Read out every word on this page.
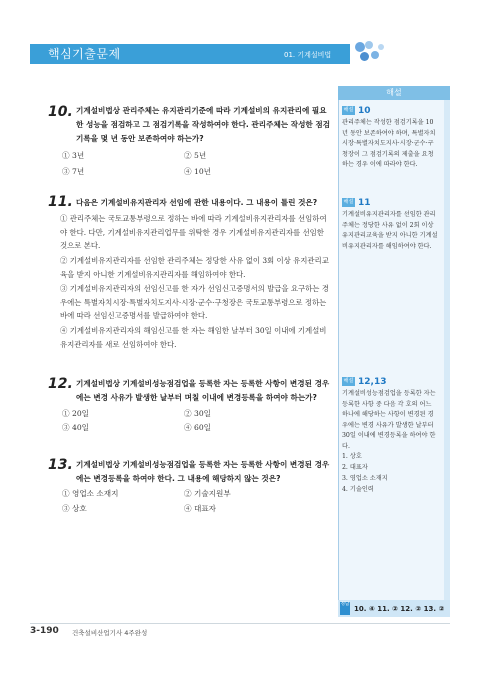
핵심기출문제	01. 기계설비법
10. 기계설비법상 관리주체는 유지관리기준에 따라 기계설비의 유지관리에 필요한 성능을 점검하고 그 점검기록을 작성하여야 한다. 관리주체는 작성한 점검기록을 몇 년 동안 보존하여야 하는가?
① 3년	② 5년
③ 7년	④ 10년
11. 다음은 기계설비유지관리자 선임에 관한 내용이다. 그 내용이 틀린 것은?
① 관리주체는 국토교통부령으로 정하는 바에 따라 기계설비유지관리자를 선임하여야 한다. 다만, 기계설비유지관리업무를 위탁한 경우 기계설비유지관리자를 선임한 것으로 본다.
② 기계설비유지관리자를 선임한 관리주체는 정당한 사유 없이 3회 이상 유지관리교육을 받지 아니한 기계설비유지관리자를 해임하여야 한다.
③ 기계설비유지관리자의 선임신고를 한 자가 선임신고증명서의 발급을 요구하는 경우에는 특별자치시장·특별자치도지사·시장·군수·구청장은 국토교통부령으로 정하는 바에 따라 선임신고증명서를 발급하여야 한다.
④ 기계설비유지관리자의 해임신고를 한 자는 해임한 날부터 30일 이내에 기계설비유지관리자를 새로 선임하여야 한다.
12. 기계설비법상 기계설비성능점검업을 등록한 자는 등록한 사항이 변경된 경우에는 변경 사유가 발생한 날부터 며칠 이내에 변경등록을 하여야 하는가?
① 20일	② 30일
③ 40일	④ 60일
13. 기계설비법상 기계설비성능점검업을 등록한 자는 등록한 사항이 변경된 경우에는 변경등록을 하여야 한다. 그 내용에 해당하지 않는 것은?
① 영업소 소재지	② 기술지원부
③ 상호	④ 대표자
해설
해설 10
관리주체는 작성한 점검기록을 10년 동안 보존하여야 하며, 특별자치시장·특별자치도지사·시장·군수·구청장이 그 점검기록의 제출을 요청하는 경우 이에 따라야 한다.
해설 11
기계설비유지관리자를 선임한 관리주체는 정당한 사유 없이 2회 이상 유지관리교육을 받지 아니한 기계설비유지관리자를 해임하여야 한다.
해설 12,13
기계설비성능점검업을 등록한 자는 등록한 사항 중 다음 각 호의 어느 하나에 해당하는 사항이 변경된 경우에는 변경 사유가 발생한 날부터 30일 이내에 변경등록을 하여야 한다.
1. 상호
2. 대표자
3. 영업소 소재지
4. 기술인력
정답
10. ④ 11. ② 12. ② 13. ②
3-190 건축설비산업기사 4주완성
